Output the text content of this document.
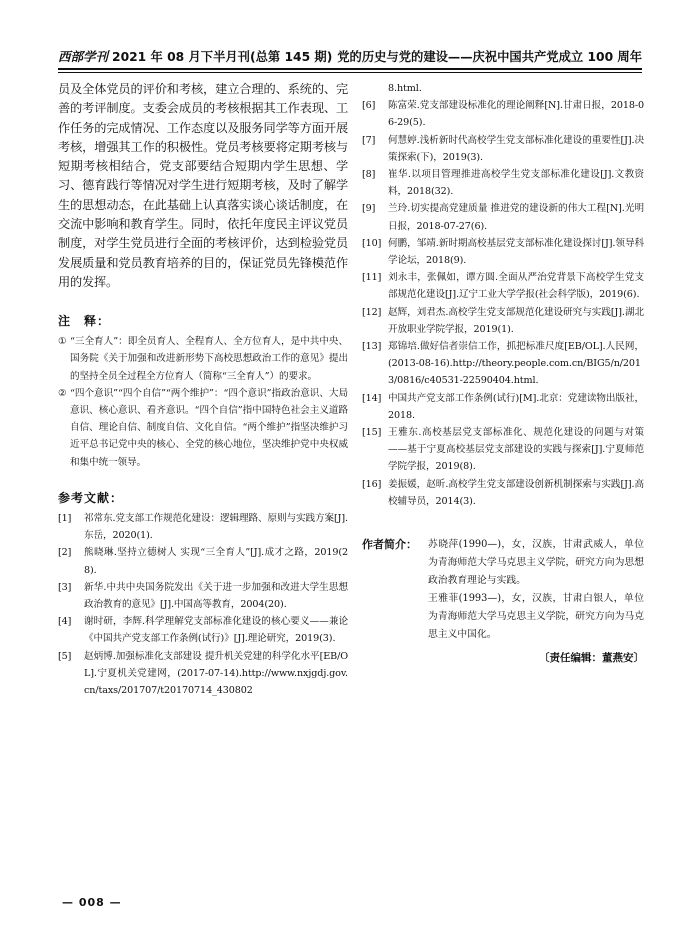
西部学刊 2021 年 08 月下半月刊(总第 145 期) 党的历史与党的建设——庆祝中国共产党成立 100 周年

员及全体党员的评价和考核，建立合理的、系统的、完善的考评制度。支委会成员的考核根据其工作表现、工作任务的完成情况、工作态度以及服务同学等方面开展考核，增强其工作的积极性。党员考核要将定期考核与短期考核相结合，党支部要结合短期内学生思想、学习、德育践行等情况对学生进行短期考核，及时了解学生的思想动态，在此基础上认真落实谈心谈话制度，在交流中影响和教育学生。同时，依托年度民主评议党员制度，对学生党员进行全面的考核评价，达到检验党员发展质量和党员教育培养的目的，保证党员先锋模范作用的发挥。

注　释：

① “三全育人”：即全员育人、全程育人、全方位育人，是中共中央、国务院《关于加强和改进新形势下高校思想政治工作的意见》提出的坚持全员全过程全方位育人（简称“三全育人”）的要求。
② “四个意识”“四个自信”“两个维护”：“四个意识”指政治意识、大局意识、核心意识、看齐意识。“四个自信”指中国特色社会主义道路自信、理论自信、制度自信、文化自信。“两个维护”指坚决维护习近平总书记党中央的核心、全党的核心地位，坚决维护党中央权威和集中统一领导。

参考文献：

[1]	祁常东.党支部工作规范化建设：逻辑理路、原则与实践方案[J].东岳，2020(1).
[2]	熊晓琳.坚持立德树人 实现“三全育人”[J].成才之路，2019(28).
[3]	新华.中共中央国务院发出《关于进一步加强和改进大学生思想政治教育的意见》[J].中国高等教育，2004(20).
[4]	谢时研，李辉.科学理解党支部标准化建设的核心要义——兼论《中国共产党支部工作条例(试行)》[J].理论研究，2019(3).
[5]	赵炳博.加强标准化支部建设 提升机关党建的科学化水平[EB/OL].宁夏机关党建网，(2017-07-14).http://www.nxjgdj.gov.cn/taxs/201707/t20170714_430802
8.html.
[6]	陈富荣.党支部建设标准化的理论阐释[N].甘肃日报，2018-06-29(5).
[7]	何慧婷.浅析新时代高校学生党支部标准化建设的重要性[J].决策探索(下)，2019(3).
[8]	崔华.以项目管理推进高校学生党支部标准化建设[J].文教资料，2018(32).
[9]	兰玲.切实提高党建质量 推进党的建设新的伟大工程[N].光明日报，2018-07-27(6).
[10] 何鹏，邹靖.新时期高校基层党支部标准化建设探讨[J].领导科学论坛，2018(9).
[11] 刘永丰，张佩如，谭方圆.全面从严治党背景下高校学生党支部规范化建设[J].辽宁工业大学学报(社会科学版)，2019(6).
[12] 赵辉，刘君杰.高校学生党支部规范化建设研究与实践[J].湖北开放职业学院学报，2019(1).
[13] 郑锦培.做好信者崇信工作，抓把标准尺度[EB/OL].人民网，(2013-08-16).http://theory.people.com.cn/BIG5/n/2013/0816/c40531-22590404.html.
[14] 中国共产党支部工作条例(试行)[M].北京：党建读物出版社，2018.
[15] 王雅东.高校基层党支部标准化、规范化建设的问题与对策——基于宁夏高校基层党支部建设的实践与探索[J].宁夏师范学院学报，2019(8).
[16] 姜振媛，赵昕.高校学生党支部建设创新机制探索与实践[J].高校辅导员，2014(3).
作者简介：	苏晓萍(1990—)，女，汉族，甘肃武威人，单位为青海师范大学马克思主义学院，研究方向为思想政治教育理论与实践。
王雅菲(1993—)，女，汉族，甘肃白银人，单位为青海师范大学马克思主义学院，研究方向为马克思主义中国化。
〔责任编辑：董燕安〕
— 008 —
